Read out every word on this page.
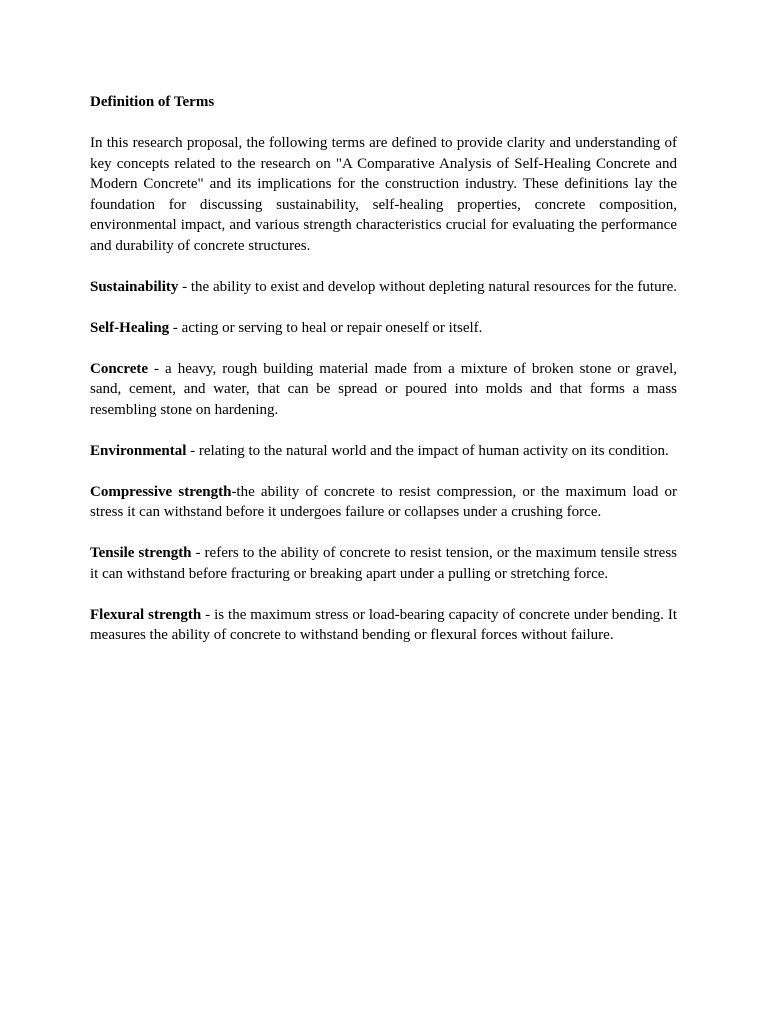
Definition of Terms

In this research proposal, the following terms are defined to provide clarity and understanding of key concepts related to the research on "A Comparative Analysis of Self-Healing Concrete and Modern Concrete" and its implications for the construction industry. These definitions lay the foundation for discussing sustainability, self-healing properties, concrete composition, environmental impact, and various strength characteristics crucial for evaluating the performance and durability of concrete structures.

Sustainability - the ability to exist and develop without depleting natural resources for the future.

Self-Healing - acting or serving to heal or repair oneself or itself.

Concrete - a heavy, rough building material made from a mixture of broken stone or gravel, sand, cement, and water, that can be spread or poured into molds and that forms a mass resembling stone on hardening.

Environmental - relating to the natural world and the impact of human activity on its condition.

Compressive strength-the ability of concrete to resist compression, or the maximum load or stress it can withstand before it undergoes failure or collapses under a crushing force.

Tensile strength - refers to the ability of concrete to resist tension, or the maximum tensile stress it can withstand before fracturing or breaking apart under a pulling or stretching force.

Flexural strength - is the maximum stress or load-bearing capacity of concrete under bending. It measures the ability of concrete to withstand bending or flexural forces without failure.
